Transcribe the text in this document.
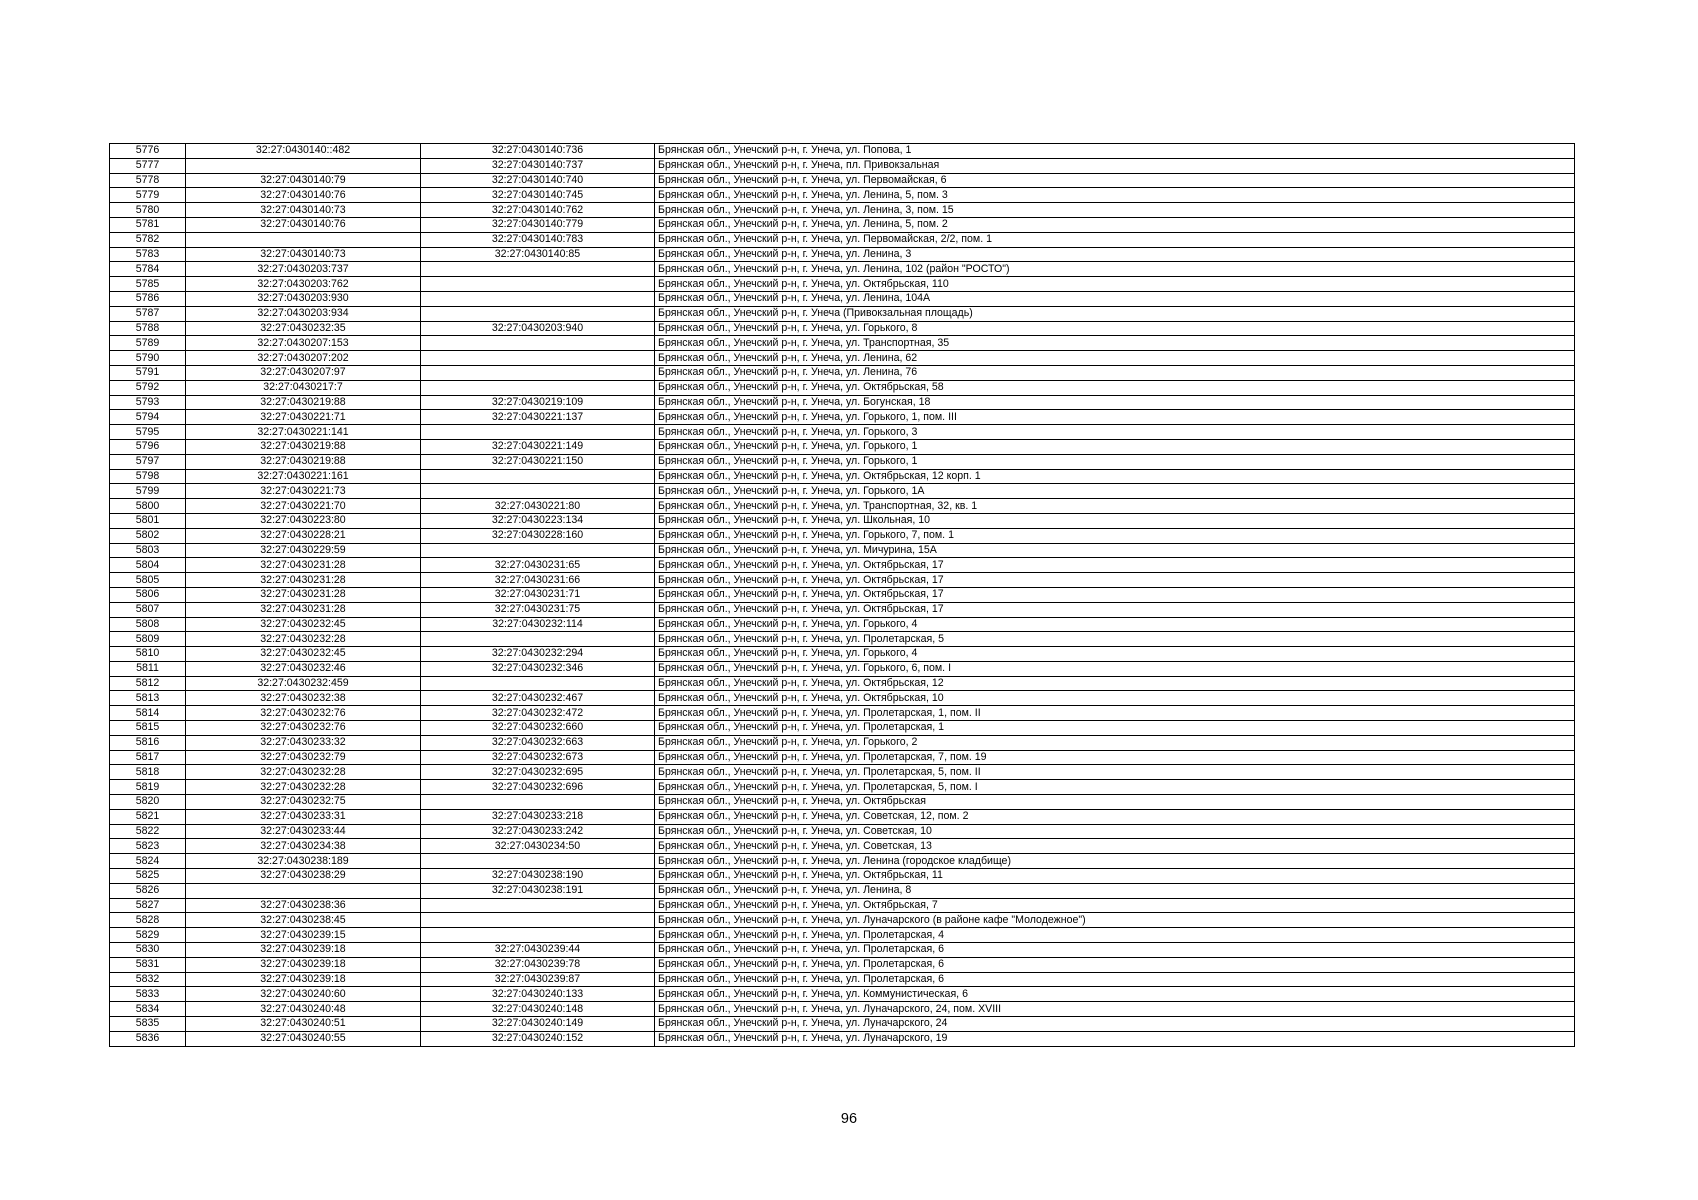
5776	32:27:0430140::482	32:27:0430140:736	Брянская обл., Унечский р-н, г. Унеча, ул. Попова, 1
5777		32:27:0430140:737	Брянская обл., Унечский р-н, г. Унеча, пл. Привокзальная
5778	32:27:0430140:79	32:27:0430140:740	Брянская обл., Унечский р-н, г. Унеча, ул. Первомайская, 6
5779	32:27:0430140:76	32:27:0430140:745	Брянская обл., Унечский р-н, г. Унеча, ул. Ленина, 5, пом. 3
5780	32:27:0430140:73	32:27:0430140:762	Брянская обл., Унечский р-н, г. Унеча, ул. Ленина, 3, пом. 15
5781	32:27:0430140:76	32:27:0430140:779	Брянская обл., Унечский р-н, г. Унеча, ул. Ленина, 5, пом. 2
5782		32:27:0430140:783	Брянская обл., Унечский р-н, г. Унеча, ул. Первомайская, 2/2, пом. 1
5783	32:27:0430140:73	32:27:0430140:85	Брянская обл., Унечский р-н, г. Унеча, ул. Ленина, 3
5784	32:27:0430203:737		Брянская обл., Унечский р-н, г. Унеча, ул. Ленина, 102 (район "РОСТО")
5785	32:27:0430203:762		Брянская обл., Унечский р-н, г. Унеча, ул. Октябрьская, 110
5786	32:27:0430203:930		Брянская обл., Унечский р-н, г. Унеча, ул. Ленина, 104А
5787	32:27:0430203:934		Брянская обл., Унечский р-н, г. Унеча (Привокзальная площадь)
5788	32:27:0430232:35	32:27:0430203:940	Брянская обл., Унечский р-н, г. Унеча, ул. Горького, 8
5789	32:27:0430207:153		Брянская обл., Унечский р-н, г. Унеча, ул. Транспортная, 35
5790	32:27:0430207:202		Брянская обл., Унечский р-н, г. Унеча, ул. Ленина, 62
5791	32:27:0430207:97		Брянская обл., Унечский р-н, г. Унеча, ул. Ленина, 76
5792	32:27:0430217:7		Брянская обл., Унечский р-н, г. Унеча, ул. Октябрьская, 58
5793	32:27:0430219:88	32:27:0430219:109	Брянская обл., Унечский р-н, г. Унеча, ул. Богунская, 18
5794	32:27:0430221:71	32:27:0430221:137	Брянская обл., Унечский р-н, г. Унеча, ул. Горького, 1, пом. III
5795	32:27:0430221:141		Брянская обл., Унечский р-н, г. Унеча, ул. Горького, 3
5796	32:27:0430219:88	32:27:0430221:149	Брянская обл., Унечский р-н, г. Унеча, ул. Горького, 1
5797	32:27:0430219:88	32:27:0430221:150	Брянская обл., Унечский р-н, г. Унеча, ул. Горького, 1
5798	32:27:0430221:161		Брянская обл., Унечский р-н, г. Унеча, ул. Октябрьская, 12 корп. 1
5799	32:27:0430221:73		Брянская обл., Унечский р-н, г. Унеча, ул. Горького, 1А
5800	32:27:0430221:70	32:27:0430221:80	Брянская обл., Унечский р-н, г. Унеча, ул. Транспортная, 32, кв. 1
5801	32:27:0430223:80	32:27:0430223:134	Брянская обл., Унечский р-н, г. Унеча, ул. Школьная, 10
5802	32:27:0430228:21	32:27:0430228:160	Брянская обл., Унечский р-н, г. Унеча, ул. Горького, 7, пом. 1
5803	32:27:0430229:59		Брянская обл., Унечский р-н, г. Унеча, ул. Мичурина, 15А
5804	32:27:0430231:28	32:27:0430231:65	Брянская обл., Унечский р-н, г. Унеча, ул. Октябрьская, 17
5805	32:27:0430231:28	32:27:0430231:66	Брянская обл., Унечский р-н, г. Унеча, ул. Октябрьская, 17
5806	32:27:0430231:28	32:27:0430231:71	Брянская обл., Унечский р-н, г. Унеча, ул. Октябрьская, 17
5807	32:27:0430231:28	32:27:0430231:75	Брянская обл., Унечский р-н, г. Унеча, ул. Октябрьская, 17
5808	32:27:0430232:45	32:27:0430232:114	Брянская обл., Унечский р-н, г. Унеча, ул. Горького, 4
5809	32:27:0430232:28		Брянская обл., Унечский р-н, г. Унеча, ул. Пролетарская, 5
5810	32:27:0430232:45	32:27:0430232:294	Брянская обл., Унечский р-н, г. Унеча, ул. Горького, 4
5811	32:27:0430232:46	32:27:0430232:346	Брянская обл., Унечский р-н, г. Унеча, ул. Горького, 6, пом. I
5812	32:27:0430232:459		Брянская обл., Унечский р-н, г. Унеча, ул. Октябрьская, 12
5813	32:27:0430232:38	32:27:0430232:467	Брянская обл., Унечский р-н, г. Унеча, ул. Октябрьская, 10
5814	32:27:0430232:76	32:27:0430232:472	Брянская обл., Унечский р-н, г. Унеча, ул. Пролетарская, 1, пом. II
5815	32:27:0430232:76	32:27:0430232:660	Брянская обл., Унечский р-н, г. Унеча, ул. Пролетарская, 1
5816	32:27:0430233:32	32:27:0430232:663	Брянская обл., Унечский р-н, г. Унеча, ул. Горького, 2
5817	32:27:0430232:79	32:27:0430232:673	Брянская обл., Унечский р-н, г. Унеча, ул. Пролетарская, 7, пом. 19
5818	32:27:0430232:28	32:27:0430232:695	Брянская обл., Унечский р-н, г. Унеча, ул. Пролетарская, 5, пом. II
5819	32:27:0430232:28	32:27:0430232:696	Брянская обл., Унечский р-н, г. Унеча, ул. Пролетарская, 5, пом. I
5820	32:27:0430232:75		Брянская обл., Унечский р-н, г. Унеча, ул. Октябрьская
5821	32:27:0430233:31	32:27:0430233:218	Брянская обл., Унечский р-н, г. Унеча, ул. Советская, 12, пом. 2
5822	32:27:0430233:44	32:27:0430233:242	Брянская обл., Унечский р-н, г. Унеча, ул. Советская, 10
5823	32:27:0430234:38	32:27:0430234:50	Брянская обл., Унечский р-н, г. Унеча, ул. Советская, 13
5824	32:27:0430238:189		Брянская обл., Унечский р-н, г. Унеча, ул. Ленина (городское кладбище)
5825	32:27:0430238:29	32:27:0430238:190	Брянская обл., Унечский р-н, г. Унеча, ул. Октябрьская, 11
5826		32:27:0430238:191	Брянская обл., Унечский р-н, г. Унеча, ул. Ленина, 8
5827	32:27:0430238:36		Брянская обл., Унечский р-н, г. Унеча, ул. Октябрьская, 7
5828	32:27:0430238:45		Брянская обл., Унечский р-н, г. Унеча, ул. Луначарского (в районе кафе "Молодежное")
5829	32:27:0430239:15		Брянская обл., Унечский р-н, г. Унеча, ул. Пролетарская, 4
5830	32:27:0430239:18	32:27:0430239:44	Брянская обл., Унечский р-н, г. Унеча, ул. Пролетарская, 6
5831	32:27:0430239:18	32:27:0430239:78	Брянская обл., Унечский р-н, г. Унеча, ул. Пролетарская, 6
5832	32:27:0430239:18	32:27:0430239:87	Брянская обл., Унечский р-н, г. Унеча, ул. Пролетарская, 6
5833	32:27:0430240:60	32:27:0430240:133	Брянская обл., Унечский р-н, г. Унеча, ул. Коммунистическая, 6
5834	32:27:0430240:48	32:27:0430240:148	Брянская обл., Унечский р-н, г. Унеча, ул. Луначарского, 24, пом. XVIII
5835	32:27:0430240:51	32:27:0430240:149	Брянская обл., Унечский р-н, г. Унеча, ул. Луначарского, 24
5836	32:27:0430240:55	32:27:0430240:152	Брянская обл., Унечский р-н, г. Унеча, ул. Луначарского, 19
96
